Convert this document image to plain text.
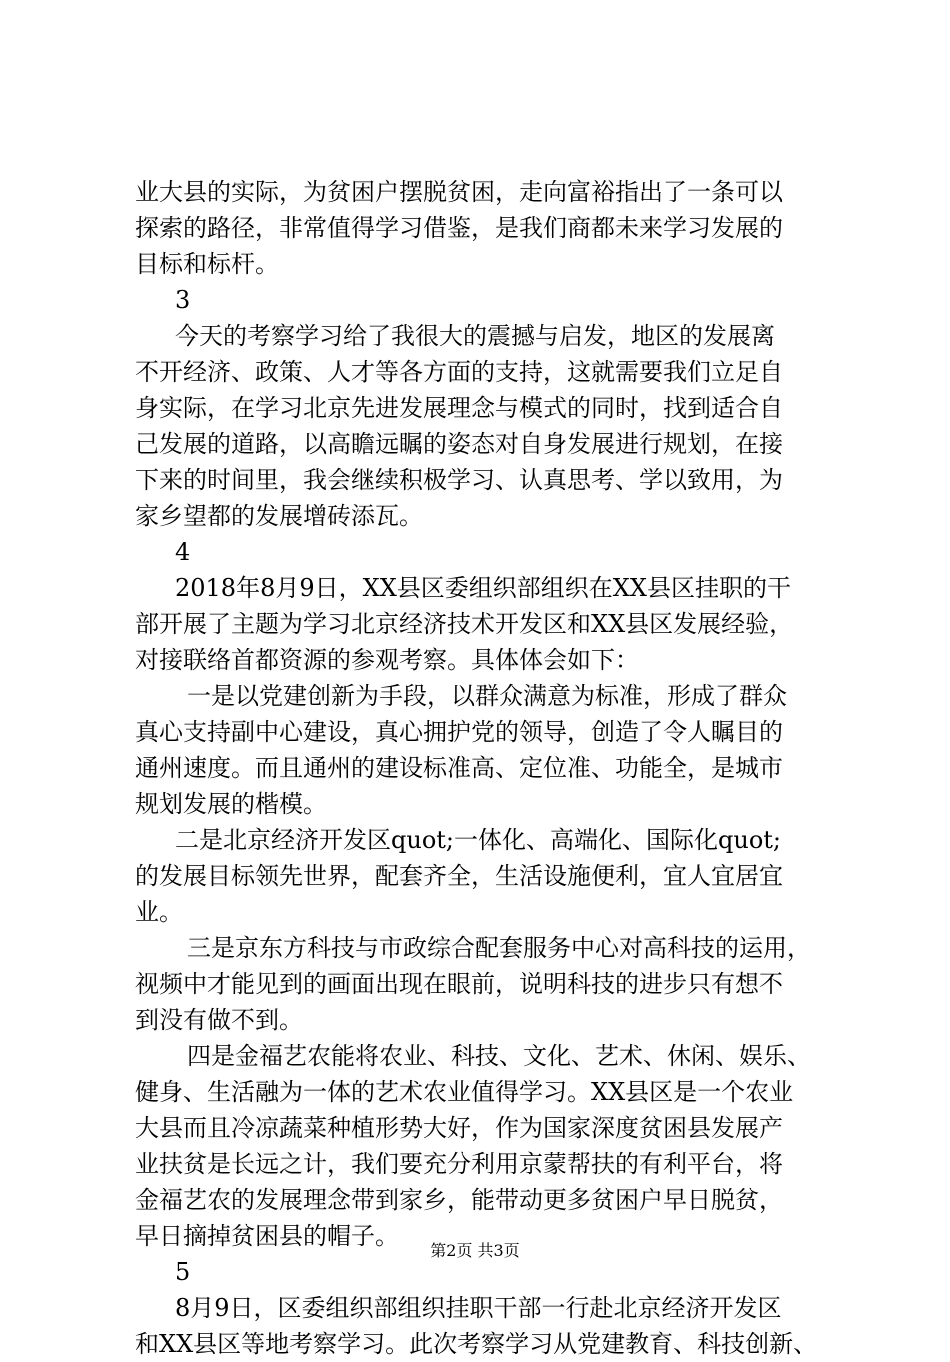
业大县的实际，为贫困户摆脱贫困，走向富裕指出了一条可以
探索的路径，非常值得学习借鉴，是我们商都未来学习发展的
目标和标杆。
3
今天的考察学习给了我很大的震撼与启发，地区的发展离
不开经济、政策、人才等各方面的支持，这就需要我们立足自
身实际，在学习北京先进发展理念与模式的同时，找到适合自
己发展的道路，以高瞻远瞩的姿态对自身发展进行规划，在接
下来的时间里，我会继续积极学习、认真思考、学以致用，为
家乡望都的发展增砖添瓦。
4
2018年8月9日，XX县区委组织部组织在XX县区挂职的干
部开展了主题为学习北京经济技术开发区和XX县区发展经验，
对接联络首都资源的参观考察。具体体会如下：
一是以党建创新为手段，以群众满意为标准，形成了群众
真心支持副中心建设，真心拥护党的领导，创造了令人瞩目的
通州速度。而且通州的建设标准高、定位准、功能全，是城市
规划发展的楷模。
二是北京经济开发区quot;一体化、高端化、国际化quot;
的发展目标领先世界，配套齐全，生活设施便利，宜人宜居宜
业。
三是京东方科技与市政综合配套服务中心对高科技的运用，
视频中才能见到的画面出现在眼前，说明科技的进步只有想不
到没有做不到。
四是金福艺农能将农业、科技、文化、艺术、休闲、娱乐、
健身、生活融为一体的艺术农业值得学习。XX县区是一个农业
大县而且冷凉蔬菜种植形势大好，作为国家深度贫困县发展产
业扶贫是长远之计，我们要充分利用京蒙帮扶的有利平台，将
金福艺农的发展理念带到家乡，能带动更多贫困户早日脱贫，
早日摘掉贫困县的帽子。
5
8月9日，区委组织部组织挂职干部一行赴北京经济开发区
和XX县区等地考察学习。此次考察学习从党建教育、科技创新、
第2页 共3页
